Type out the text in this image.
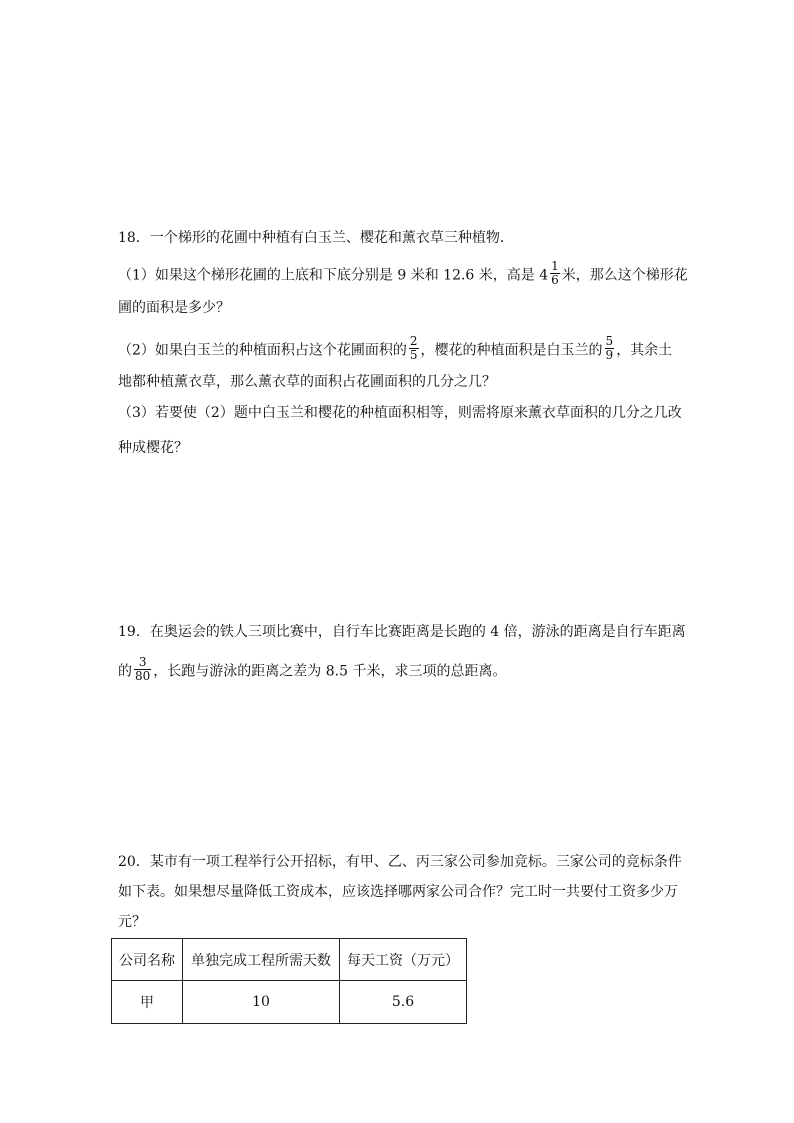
18．一个梯形的花圃中种植有白玉兰、樱花和薰衣草三种植物．
（1）如果这个梯形花圃的上底和下底分别是 9 米和 12.6 米，高是 $4 \frac{1}{6}$ 米，那么这个梯形花
圃的面积是多少？
（2）如果白玉兰的种植面积占这个花圃面积的 $\frac{2}{5}$ ，樱花的种植面积是白玉兰的 $\frac{5}{9}$ ，其余土
地都种植薰衣草，那么薰衣草的面积占花圃面积的几分之几？
（3）若要使（2）题中白玉兰和樱花的种植面积相等，则需将原来薰衣草面积的几分之几改
种成樱花？
19．在奥运会的铁人三项比赛中，自行车比赛距离是长跑的 4 倍，游泳的距离是自行车距离
的 $\frac{3}{80}$ ，长跑与游泳的距离之差为 8.5 千米，求三项的总距离。
20．某市有一项工程举行公开招标，有甲、乙、丙三家公司参加竞标。三家公司的竞标条件
如下表。如果想尽量降低工资成本，应该选择哪两家公司合作？完工时一共要付工资多少万
元？
公司名称	单独完成工程所需天数	每天工资（万元）
甲	10	5.6
